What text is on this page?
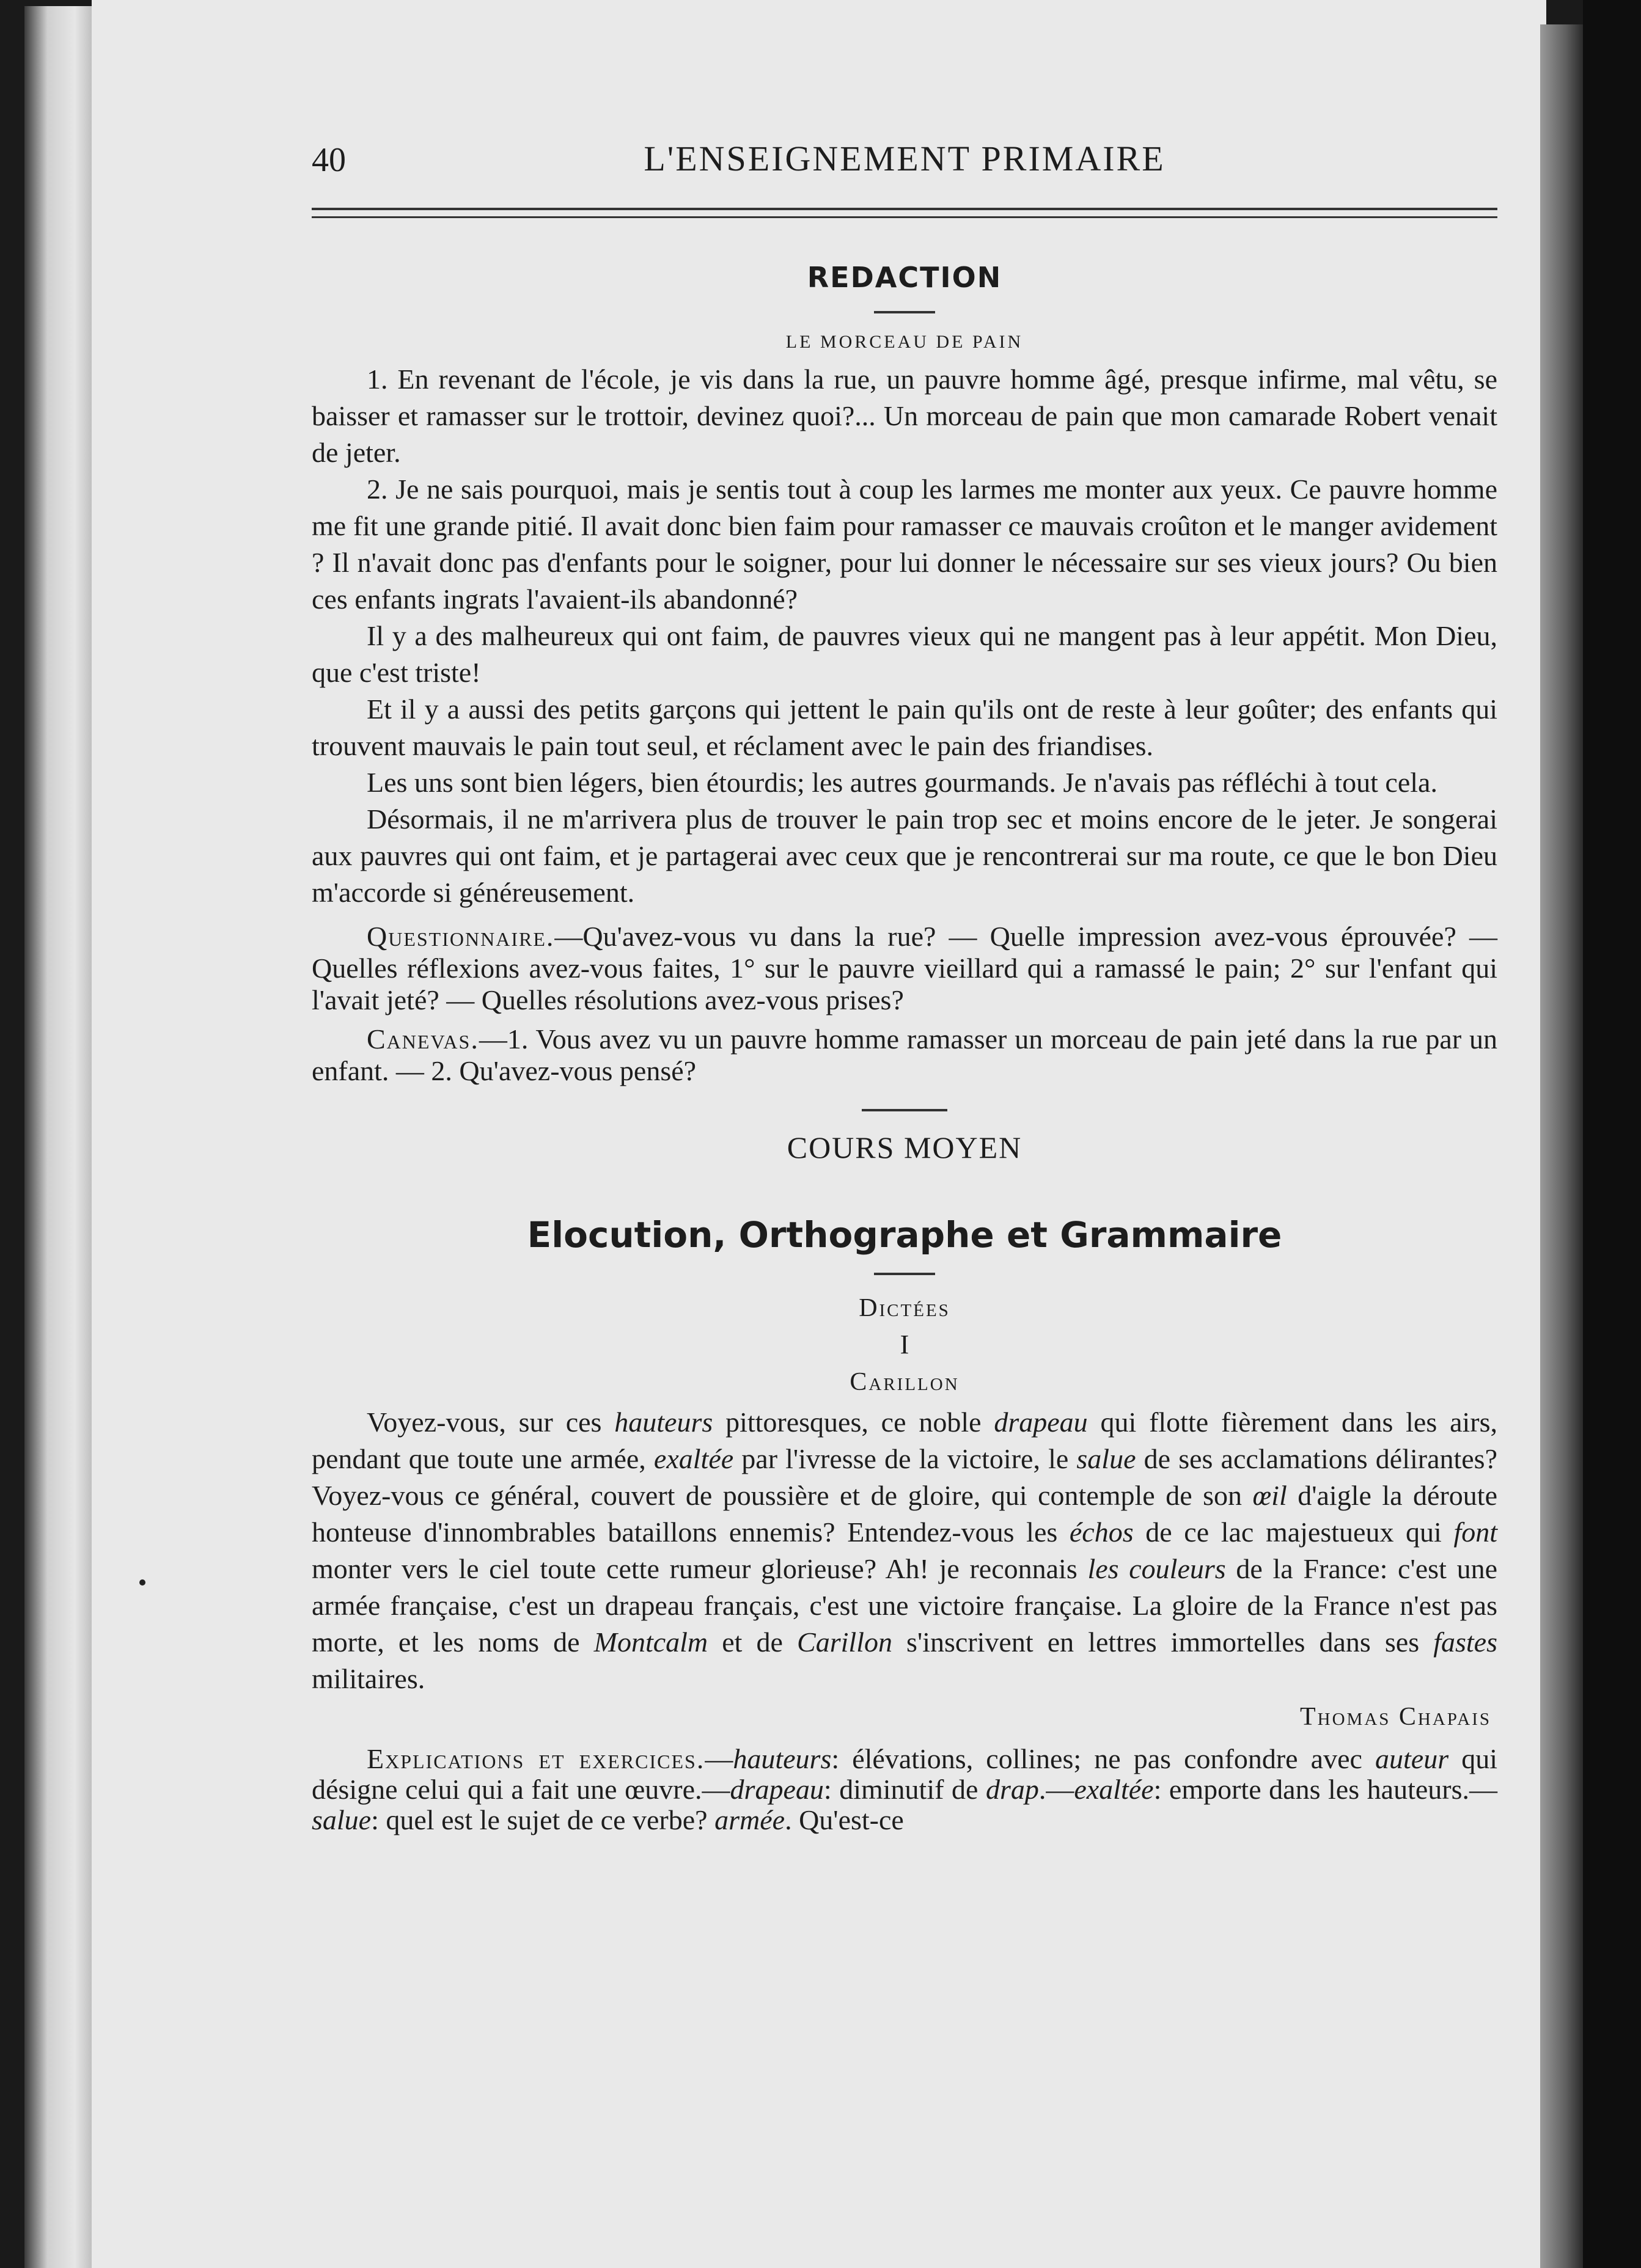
40	L'ENSEIGNEMENT PRIMAIRE
REDACTION
LE MORCEAU DE PAIN

1. En revenant de l'école, je vis dans la rue, un pauvre homme âgé, presque infirme, mal vêtu, se baisser et ramasser sur le trottoir, devinez quoi?... Un morceau de pain que mon camarade Robert venait de jeter.

2. Je ne sais pourquoi, mais je sentis tout à coup les larmes me monter aux yeux. Ce pauvre homme me fit une grande pitié. Il avait donc bien faim pour ramasser ce mauvais croûton et le manger avidement ? Il n'avait donc pas d'enfants pour le soigner, pour lui donner le nécessaire sur ses vieux jours? Ou bien ces enfants ingrats l'avaient-ils abandonné?

Il y a des malheureux qui ont faim, de pauvres vieux qui ne mangent pas à leur appétit. Mon Dieu, que c'est triste!

Et il y a aussi des petits garçons qui jettent le pain qu'ils ont de reste à leur goûter; des enfants qui trouvent mauvais le pain tout seul, et réclament avec le pain des friandises.

Les uns sont bien légers, bien étourdis; les autres gourmands. Je n'avais pas réfléchi à tout cela.

Désormais, il ne m'arrivera plus de trouver le pain trop sec et moins encore de le jeter. Je songerai aux pauvres qui ont faim, et je partagerai avec ceux que je rencontrerai sur ma route, ce que le bon Dieu m'accorde si généreusement.

Questionnaire.—Qu'avez-vous vu dans la rue? — Quelle impression avez-vous éprouvée? — Quelles réflexions avez-vous faites, 1° sur le pauvre vieillard qui a ramassé le pain; 2° sur l'enfant qui l'avait jeté? — Quelles résolutions avez-vous prises?

Canevas.—1. Vous avez vu un pauvre homme ramasser un morceau de pain jeté dans la rue par un enfant. — 2. Qu'avez-vous pensé?

COURS MOYEN
Elocution, Orthographe et Grammaire
Dictées
I
Carillon

Voyez-vous, sur ces hauteurs pittoresques, ce noble drapeau qui flotte fièrement dans les airs, pendant que toute une armée, exaltée par l'ivresse de la victoire, le salue de ses acclamations délirantes? Voyez-vous ce général, couvert de poussière et de gloire, qui contemple de son œil d'aigle la déroute honteuse d'innombrables bataillons ennemis? Entendez-vous les échos de ce lac majestueux qui font monter vers le ciel toute cette rumeur glorieuse? Ah! je reconnais les couleurs de la France: c'est une armée française, c'est un drapeau français, c'est une victoire française. La gloire de la France n'est pas morte, et les noms de Montcalm et de Carillon s'inscrivent en lettres immortelles dans ses fastes militaires.

Thomas Chapais

Explications et exercices.—hauteurs: élévations, collines; ne pas confondre avec auteur qui désigne celui qui a fait une œuvre.—drapeau: diminutif de drap.—exaltée: emporte dans les hauteurs.—salue: quel est le sujet de ce verbe? armée. Qu'est-ce
